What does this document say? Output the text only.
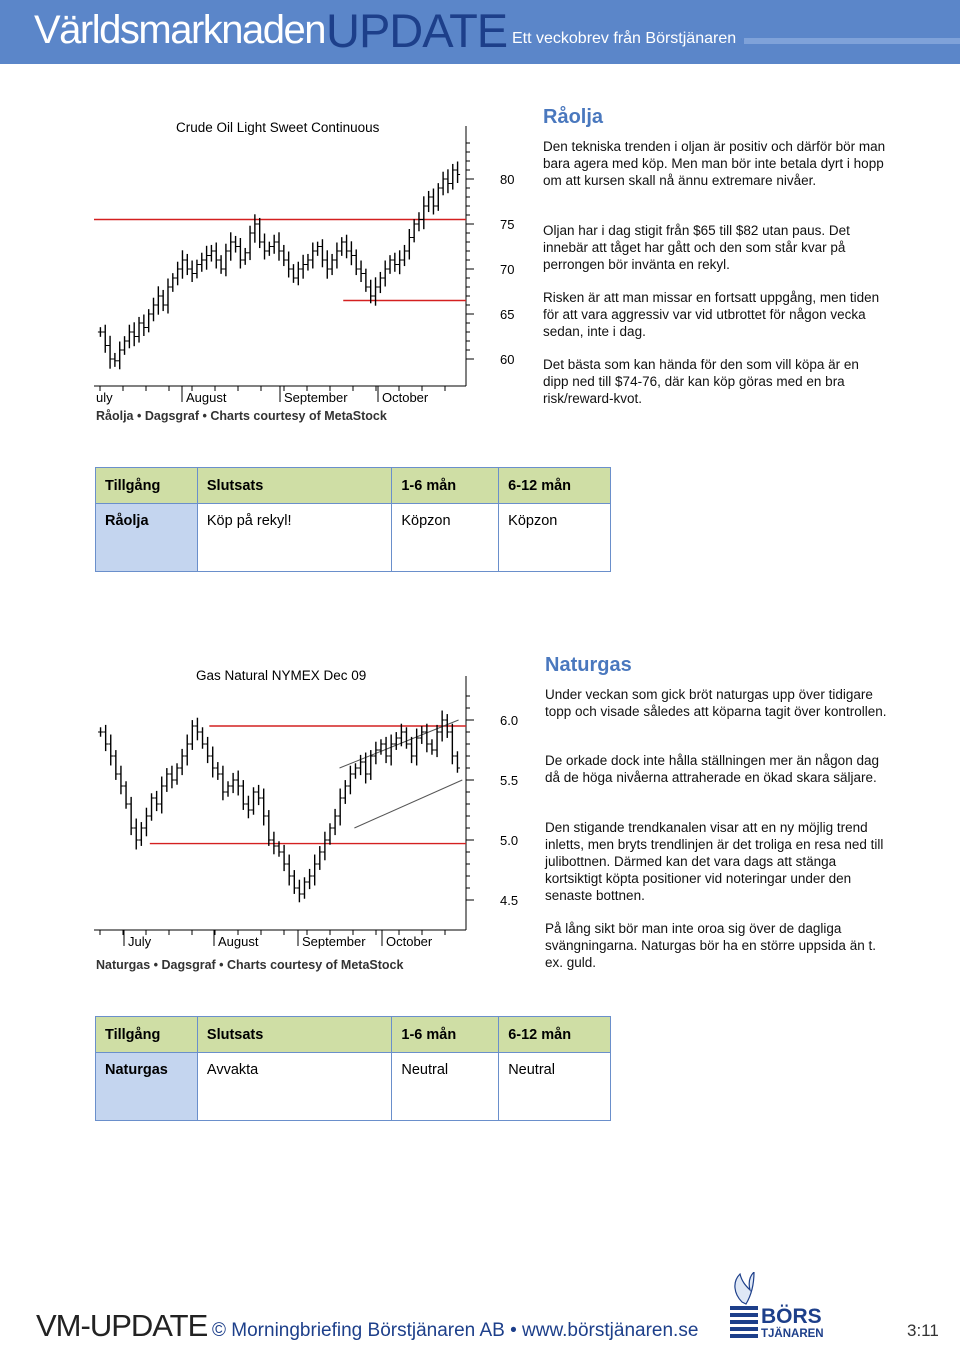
Världsmarknaden UPDATE Ett veckobrev från Börstjänaren
Crude Oil Light Sweet Continuous
60
65
70
75
80
uly	August	September	October
Råolja • Dagsgraf • Charts courtesy of MetaStock
Råolja

Den tekniska trenden i oljan är positiv och därför bör man bara agera med köp. Men man bör inte betala dyrt i hopp om att kursen skall nå ännu extremare nivåer.

Oljan har i dag stigit från $65 till $82 utan paus. Det innebär att tåget har gått och den som står kvar på perrongen bör invänta en rekyl.

Risken är att man missar en fortsatt uppgång, men tiden för att vara aggressiv var vid utbrottet för någon vecka sedan, inte i dag.

Det bästa som kan hända för den som vill köpa är en dipp ned till $74-76, där kan köp göras med en bra risk/reward-kvot.

Tillgång	Slutsats	1-6 mån	6-12 mån
Råolja	Köp på rekyl!	Köpzon	Köpzon
Gas Natural NYMEX Dec 09
4.5
5.0
5.5
6.0
July	August	September October
Naturgas • Dagsgraf • Charts courtesy of MetaStock
Naturgas

Under veckan som gick bröt naturgas upp över tidigare topp och visade således att köparna tagit över kontrollen.

De orkade dock inte hålla ställningen mer än någon dag då de höga nivåerna attraherade en ökad skara säljare.

Den stigande trendkanalen visar att en ny möjlig trend inletts, men bryts trendlinjen är det troliga en resa ned till julibottnen. Därmed kan det vara dags att stänga kortsiktigt köpta positioner vid noteringar under den senaste bottnen.

På lång sikt bör man inte oroa sig över de dagliga svängningarna. Naturgas bör ha en större uppsida än t. ex. guld.

Tillgång	Slutsats	1-6 mån	6-12 mån
Naturgas	Avvakta	Neutral	Neutral
VM-UPDATE © Morningbriefing Börstjänaren AB • www.börstjänaren.se
BÖRS
TJÄNAREN	3:11
